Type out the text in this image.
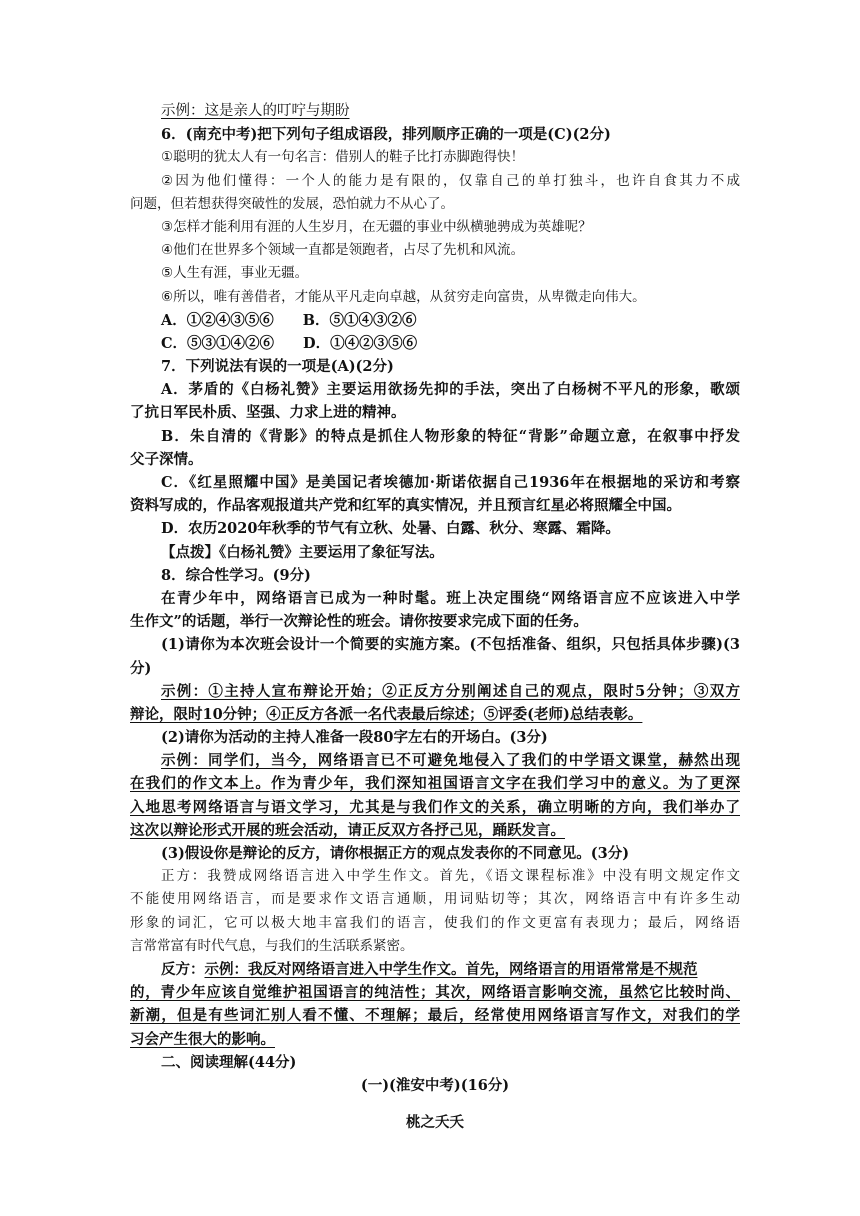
示例：这是亲人的叮咛与期盼
6．(南充中考)把下列句子组成语段，排列顺序正确的一项是(C)(2分)
①聪明的犹太人有一句名言：借别人的鞋子比打赤脚跑得快！
②因为他们懂得：一个人的能力是有限的，仅靠自己的单打独斗，也许自食其力不成
问题，但若想获得突破性的发展，恐怕就力不从心了。
③怎样才能利用有涯的人生岁月，在无疆的事业中纵横驰骋成为英雄呢？
④他们在世界多个领域一直都是领跑者，占尽了先机和风流。
⑤人生有涯，事业无疆。
⑥所以，唯有善借者，才能从平凡走向卓越，从贫穷走向富贵，从卑微走向伟大。
A．①②④③⑤⑥　　B．⑤①④③②⑥
C．⑤③①④②⑥　　D．①④②③⑤⑥
7．下列说法有误的一项是(A)(2分)
A．茅盾的《白杨礼赞》主要运用欲扬先抑的手法，突出了白杨树不平凡的形象，歌颂
了抗日军民朴质、坚强、力求上进的精神。
B．朱自清的《背影》的特点是抓住人物形象的特征“背影”命题立意，在叙事中抒发
父子深情。
C．《红星照耀中国》是美国记者埃德加·斯诺依据自己1936年在根据地的采访和考察
资料写成的，作品客观报道共产党和红军的真实情况，并且预言红星必将照耀全中国。
D．农历2020年秋季的节气有立秋、处暑、白露、秋分、寒露、霜降。
【点拨】《白杨礼赞》主要运用了象征写法。
8．综合性学习。(9分)
在青少年中，网络语言已成为一种时髦。班上决定围绕“网络语言应不应该进入中学
生作文”的话题，举行一次辩论性的班会。请你按要求完成下面的任务。
(1)请你为本次班会设计一个简要的实施方案。(不包括准备、组织，只包括具体步骤)(3
分)
示例：①主持人宣布辩论开始；②正反方分别阐述自己的观点，限时5分钟；③双方
辩论，限时10分钟；④正反方各派一名代表最后综述；⑤评委(老师)总结表彰。
(2)请你为活动的主持人准备一段80字左右的开场白。(3分)
示例：同学们，当今，网络语言已不可避免地侵入了我们的中学语文课堂，赫然出现
在我们的作文本上。作为青少年，我们深知祖国语言文字在我们学习中的意义。为了更深
入地思考网络语言与语文学习，尤其是与我们作文的关系，确立明晰的方向，我们举办了
这次以辩论形式开展的班会活动，请正反双方各抒己见，踊跃发言。
(3)假设你是辩论的反方，请你根据正方的观点发表你的不同意见。(3分)
正方：我赞成网络语言进入中学生作文。首先，《语文课程标准》中没有明文规定作文
不能使用网络语言，而是要求作文语言通顺，用词贴切等；其次，网络语言中有许多生动
形象的词汇，它可以极大地丰富我们的语言，使我们的作文更富有表现力；最后，网络语
言常常富有时代气息，与我们的生活联系紧密。
反方：示例：我反对网络语言进入中学生作文。首先，网络语言的用语常常是不规范
的，青少年应该自觉维护祖国语言的纯洁性；其次，网络语言影响交流，虽然它比较时尚、
新潮，但是有些词汇别人看不懂、不理解；最后，经常使用网络语言写作文，对我们的学
习会产生很大的影响。
二、阅读理解(44分)
(一)(淮安中考)(16分)
桃之夭夭
